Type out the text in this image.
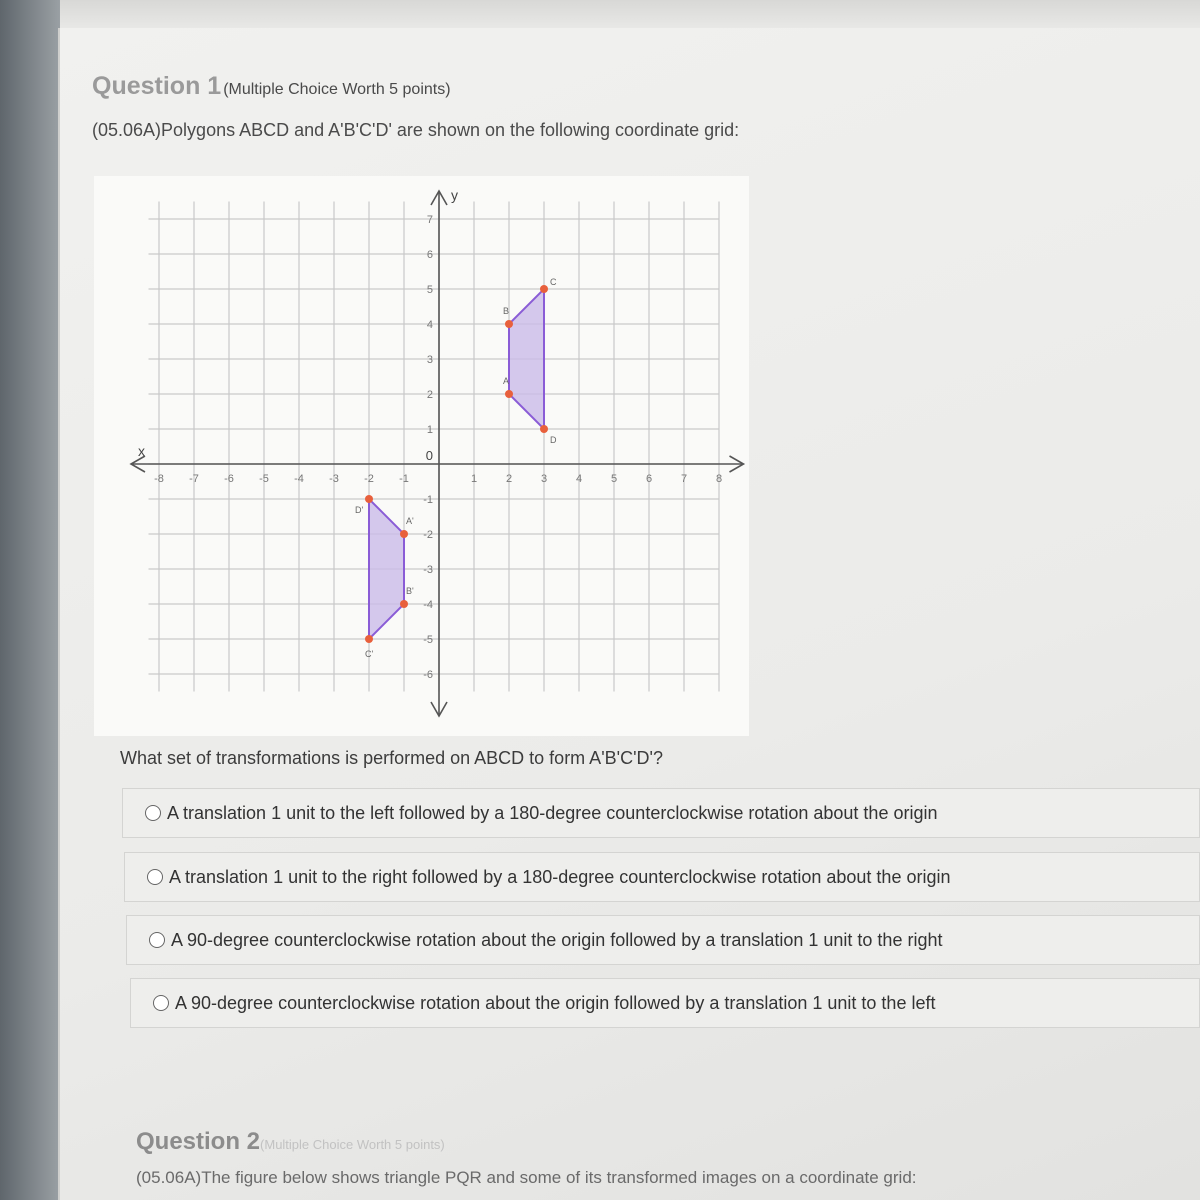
Question 1 (Multiple Choice Worth 5 points)
(05.06A)Polygons ABCD and A'B'C'D' are shown on the following coordinate grid:
-8 -7 -6 -5 -4 -3 -2 -1	1	2	3	4	5	6	7	8
7
6
5
4
3
2
1
-1
-2
-3
-4
-5
-6
0
x
y
A
B
C
D
A'
B'
C'
D'
What set of transformations is performed on ABCD to form A'B'C'D'?
A translation 1 unit to the left followed by a 180-degree counterclockwise rotation about the origin
A translation 1 unit to the right followed by a 180-degree counterclockwise rotation about the origin
A 90-degree counterclockwise rotation about the origin followed by a translation 1 unit to the right
A 90-degree counterclockwise rotation about the origin followed by a translation 1 unit to the left
Question 2(Multiple Choice Worth 5 points)
(05.06A)The figure below shows triangle PQR and some of its transformed images on a coordinate grid:
